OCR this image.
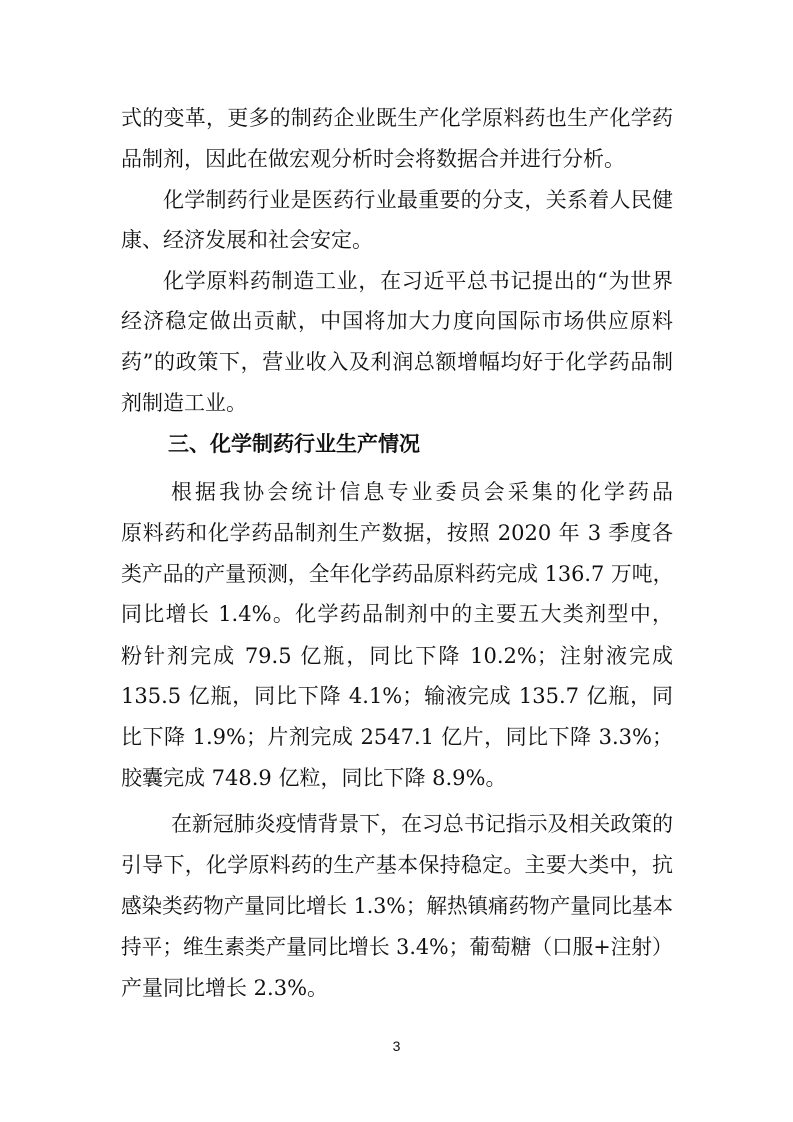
式的变革，更多的制药企业既生产化学原料药也生产化学药
品制剂，因此在做宏观分析时会将数据合并进行分析。
化学制药行业是医药行业最重要的分支，关系着人民健
康、经济发展和社会安定。
化学原料药制造工业，在习近平总书记提出的“为世界
经济稳定做出贡献，中国将加大力度向国际市场供应原料
药”的政策下，营业收入及利润总额增幅均好于化学药品制
剂制造工业。
三、化学制药行业生产情况
根据我协会统计信息专业委员会采集的化学药品
原料药和化学药品制剂生产数据，按照 2020 年 3 季度各
类产品的产量预测，全年化学药品原料药完成 136.7 万吨，
同比增长 1.4%。化学药品制剂中的主要五大类剂型中，
粉针剂完成 79.5 亿瓶，同比下降 10.2%；注射液完成
135.5 亿瓶，同比下降 4.1%；输液完成 135.7 亿瓶，同
比下降 1.9%；片剂完成 2547.1 亿片，同比下降 3.3%；
胶囊完成 748.9 亿粒，同比下降 8.9%。
在新冠肺炎疫情背景下，在习总书记指示及相关政策的
引导下，化学原料药的生产基本保持稳定。主要大类中，抗
感染类药物产量同比增长 1.3%；解热镇痛药物产量同比基本
持平；维生素类产量同比增长 3.4%；葡萄糖（口服+注射）
产量同比增长 2.3%。
3
